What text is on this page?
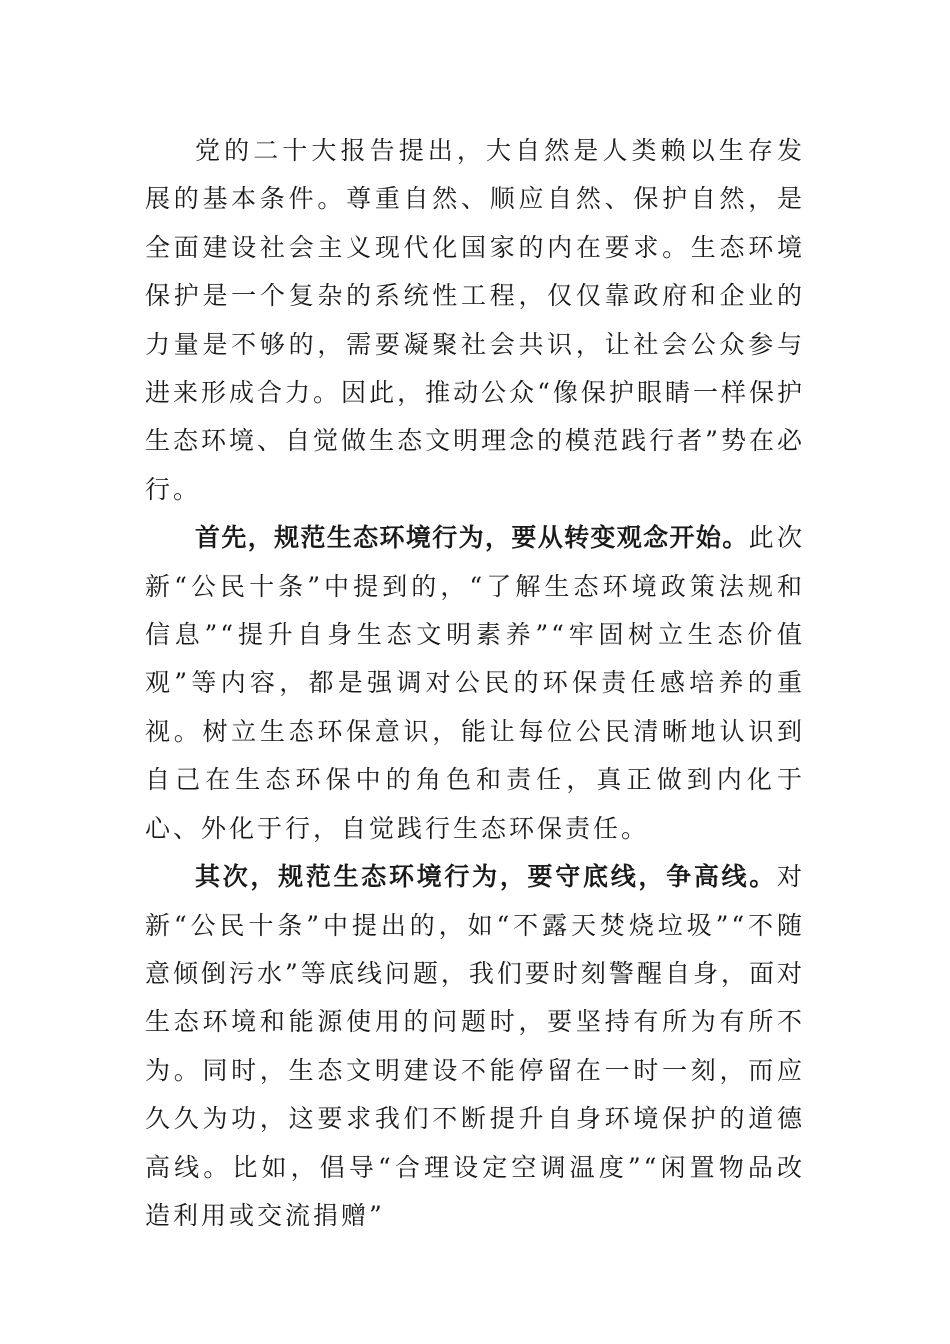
党的二十大报告提出，大自然是人类赖以生存发展的基本条件。尊重自然、顺应自然、保护自然，是全面建设社会主义现代化国家的内在要求。生态环境保护是一个复杂的系统性工程，仅仅靠政府和企业的力量是不够的，需要凝聚社会共识，让社会公众参与进来形成合力。因此，推动公众“像保护眼睛一样保护生态环境、自觉做生态文明理念的模范践行者”势在必行。

首先，规范生态环境行为，要从转变观念开始。此次新“公民十条”中提到的，“了解生态环境政策法规和信息”“提升自身生态文明素养”“牢固树立生态价值观”等内容，都是强调对公民的环保责任感培养的重视。树立生态环保意识，能让每位公民清晰地认识到自己在生态环保中的角色和责任，真正做到内化于心、外化于行，自觉践行生态环保责任。

其次，规范生态环境行为，要守底线，争高线。对新“公民十条”中提出的，如“不露天焚烧垃圾”“不随意倾倒污水”等底线问题，我们要时刻警醒自身，面对生态环境和能源使用的问题时，要坚持有所为有所不为。同时，生态文明建设不能停留在一时一刻，而应久久为功，这要求我们不断提升自身环境保护的道德高线。比如，倡导“合理设定空调温度”“闲置物品改造利用或交流捐赠”
